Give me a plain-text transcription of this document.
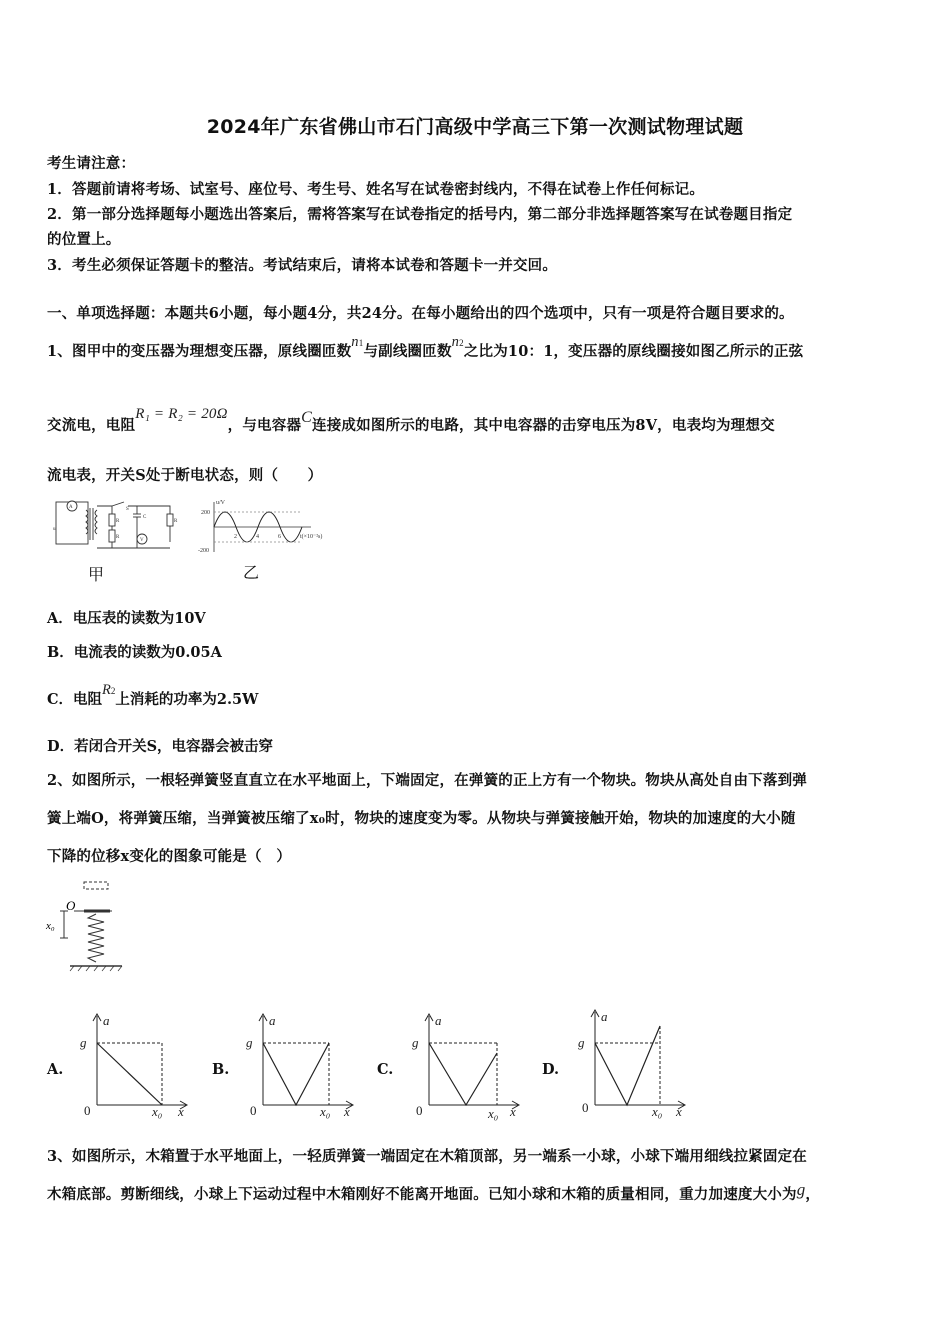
2024年广东省佛山市石门高级中学高三下第一次测试物理试题
考生请注意：
1．答题前请将考场、试室号、座位号、考生号、姓名写在试卷密封线内，不得在试卷上作任何标记。
2．第一部分选择题每小题选出答案后，需将答案写在试卷指定的括号内，第二部分非选择题答案写在试卷题目指定
的位置上。
3．考生必须保证答题卡的整洁。考试结束后，请将本试卷和答题卡一并交回。
一、单项选择题：本题共6小题，每小题4分，共24分。在每小题给出的四个选项中，只有一项是符合题目要求的。
1、图甲中的变压器为理想变压器，原线圈匝数n1与副线圈匝数n2之比为10：1，变压器的原线圈接如图乙所示的正弦
交流电，电阻R₁ = R₂ = 20Ω，与电容器C连接成如图所示的电路，其中电容器的击穿电压为8V，电表均为理想交
流电表，开关S处于断电状态，则（　　）
A
V
u
R
R
S
C
R
甲
200
-200
u/V
2	4	6	t(×10⁻²s)
乙
A．电压表的读数为10V
B．电流表的读数为0.05A
C．电阻R2上消耗的功率为2.5W
D．若闭合开关S，电容器会被击穿
2、如图所示，一根轻弹簧竖直直立在水平地面上，下端固定，在弹簧的正上方有一个物块。物块从高处自由下落到弹
簧上端O，将弹簧压缩，当弹簧被压缩了x₀时，物块的速度变为零。从物块与弹簧接触开始，物块的加速度的大小随
下降的位移x变化的图象可能是（　）
O
x₀
A.	B.	C.	D.
a
g
0	x₀ x
a
g
0	x₀ x
a
g
0	x₀ x
a
g
0	x₀ x
3、如图所示，木箱置于水平地面上，一轻质弹簧一端固定在木箱顶部，另一端系一小球，小球下端用细线拉紧固定在
木箱底部。剪断细线，小球上下运动过程中木箱刚好不能离开地面。已知小球和木箱的质量相同，重力加速度大小为g，
